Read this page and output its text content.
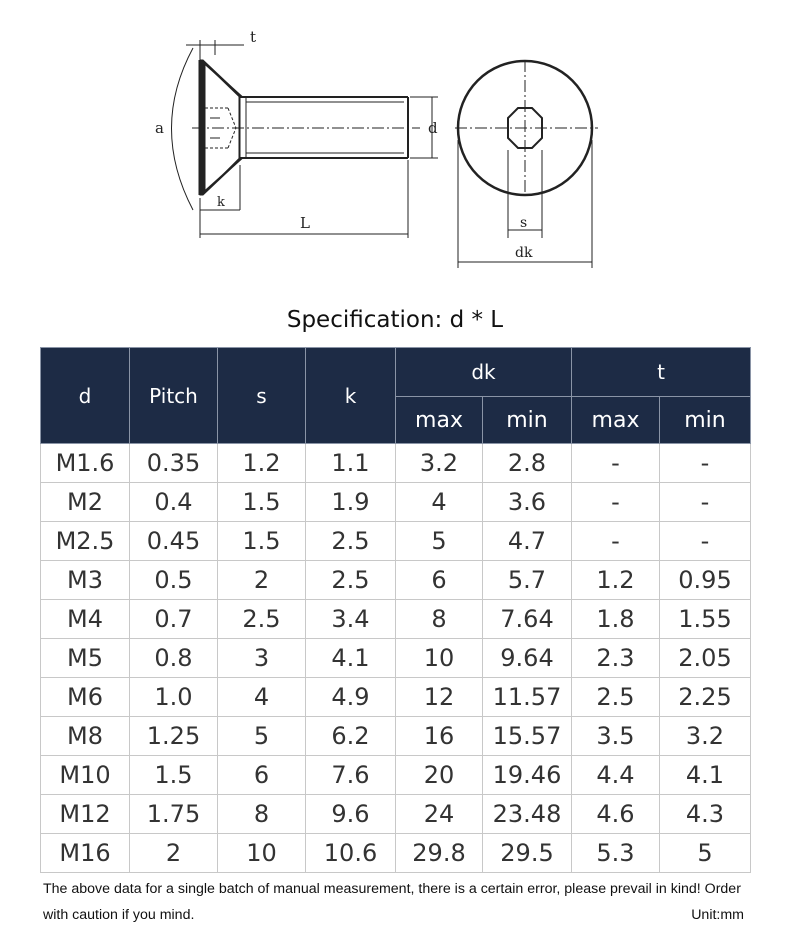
t
a
k
L
d
s
dk
Specification: d * L
d	Pitch	s	k	dk		t	
				max	min	max	min
M1.6	0.35	1.2	1.1	3.2	2.8	-	-
M2	0.4	1.5	1.9	4	3.6	-	-
M2.5	0.45	1.5	2.5	5	4.7	-	-
M3	0.5	2	2.5	6	5.7	1.2	0.95
M4	0.7	2.5	3.4	8	7.64	1.8	1.55
M5	0.8	3	4.1	10	9.64	2.3	2.05
M6	1.0	4	4.9	12	11.57	2.5	2.25
M8	1.25	5	6.2	16	15.57	3.5	3.2
M10	1.5	6	7.6	20	19.46	4.4	4.1
M12	1.75	8	9.6	24	23.48	4.6	4.3
M16	2	10	10.6	29.8	29.5	5.3	5
The above data for a single batch of manual measurement, there is a certain error, please prevail in kind! Order with caution if you mind.	Unit:mm
